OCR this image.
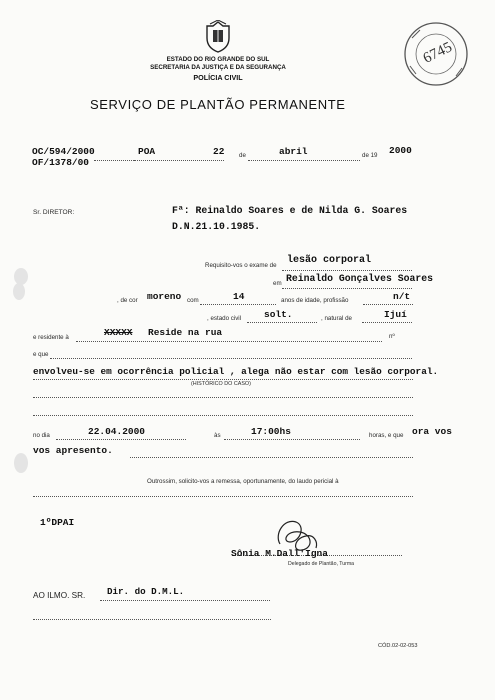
ESTADO DO RIO GRANDE DO SUL
SECRETARIA DA JUSTIÇA E DA SEGURANÇA
POLÍCIA CIVIL
SERVIÇO DE PLANTÃO PERMANENTE
6745
OC/594/2000
OF/1378/00
POA	22 de	abril	de 19 2000
Sr. DIRETOR:	Fª: Reinaldo Soares e de Nilda G. Soares
D.N.21.10.1985.
Requisito-vos o exame de lesão corporal
em Reinaldo Gonçalves Soares
, de cor moreno com	14	anos de idade, profissão	n/t
, estado civil solt.	, natural de	Ijuí
e residente à	XXXXX Reside na rua	nº
e que
envolveu-se em ocorrência policial , alega não estar com lesão corporal.
(HISTÓRICO DO CASO)
no dia	22.04.2000	às	17:00hs	horas, e que ora vos
vos apresento.
Outrossim, solicito-vos a remessa, oportunamente, do laudo pericial à
1ºDPAI
Sônia M.Dall'Igna
Delegado de Plantão, Turma
AO ILMO. SR. Dir. do D.M.L.
CÓD.02-02-053
